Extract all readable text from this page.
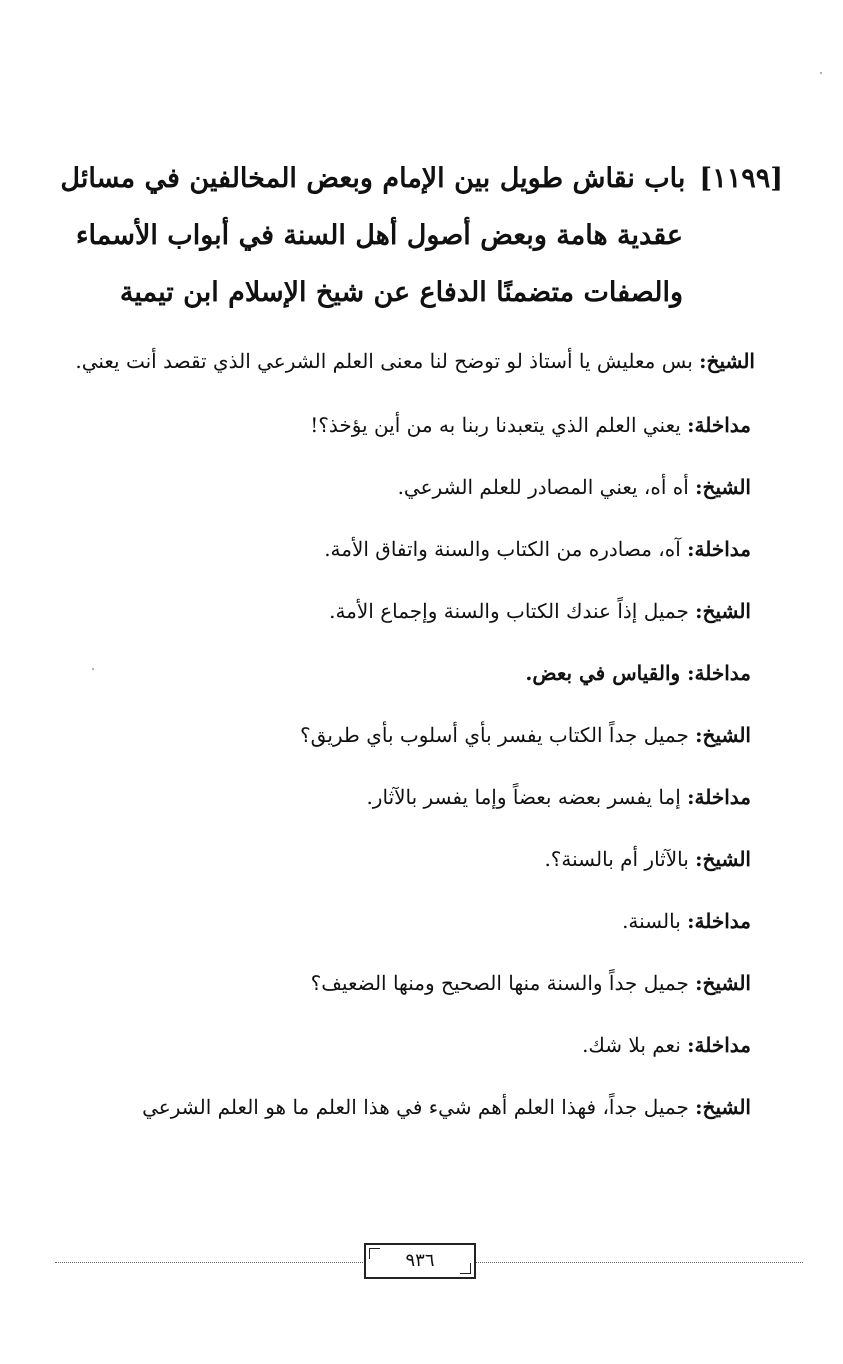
[١١٩٩]باب نقاش طويل بين الإمام وبعض المخالفين في مسائل
عقدية هامة وبعض أصول أهل السنة في أبواب الأسماء
والصفات متضمنًا الدفاع عن شيخ الإسلام ابن تيمية

الشيخ: بس معليش يا أستاذ لو توضح لنا معنى العلم الشرعي الذي تقصد أنت يعني.

مداخلة: يعني العلم الذي يتعبدنا ربنا به من أين يؤخذ؟!

الشيخ: أه أه، يعني المصادر للعلم الشرعي.

مداخلة: آه، مصادره من الكتاب والسنة واتفاق الأمة.

الشيخ: جميل إذاً عندك الكتاب والسنة وإجماع الأمة.

مداخلة: والقياس في بعض.

الشيخ: جميل جداً الكتاب يفسر بأي أسلوب بأي طريق؟

مداخلة: إما يفسر بعضه بعضاً وإما يفسر بالآثار.

الشيخ: بالآثار أم بالسنة؟.

مداخلة: بالسنة.

الشيخ: جميل جداً والسنة منها الصحيح ومنها الضعيف؟

مداخلة: نعم بلا شك.

الشيخ: جميل جداً، فهذا العلم أهم شيء في هذا العلم ما هو العلم الشرعي

٩٣٦
